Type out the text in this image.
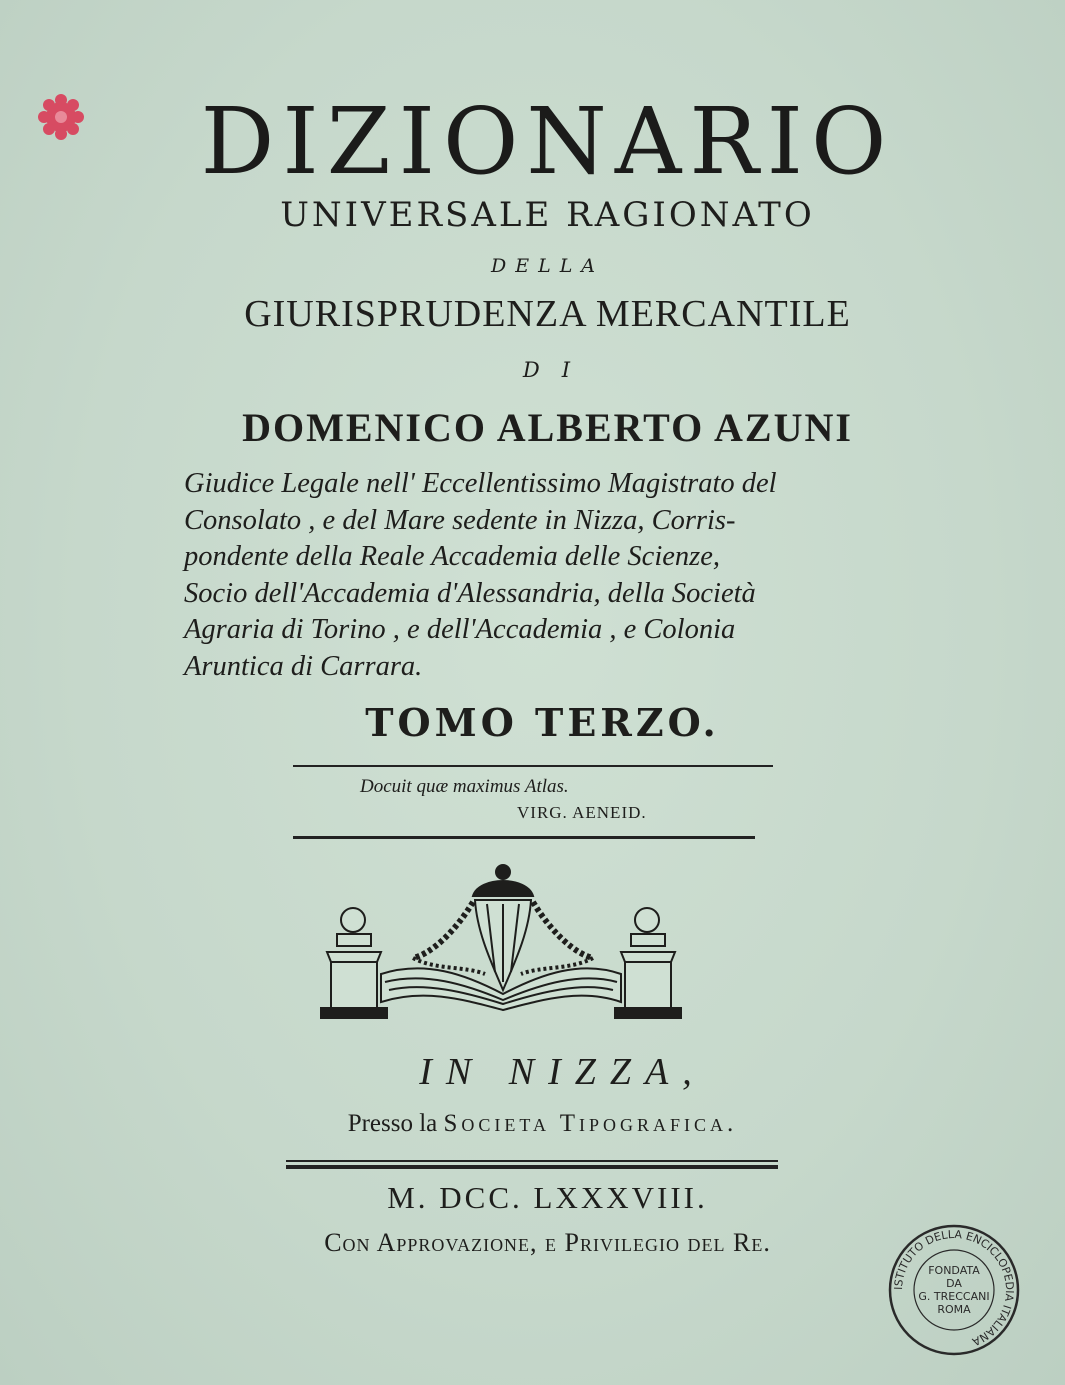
DIZIONARIO
UNIVERSALE RAGIONATO
DELLA
GIURISPRUDENZA MERCANTILE
DI
DOMENICO ALBERTO AZUNI
Giudice Legale nell' Eccellentissimo Magistrato del
Consolato , e del Mare sedente in Nizza, Corris-
pondente della Reale Accademia delle Scienze,
Socio dell'Accademia d'Alessandria, della Società
Agraria di Torino , e dell'Accademia , e Colonia
Aruntica di Carrara.
TOMO TERZO.
Docuit quæ maximus Atlas.
VIRG. AENEID.
IN NIZZA,
Presso la Societa Tipografica.
M. DCC. LXXXVIII.
Con Approvazione, e Privilegio del Re.
ISTITUTO DELLA ENCICLOPEDIA ITALIANA
FONDATA
DA
G. TRECCANI
ROMA
